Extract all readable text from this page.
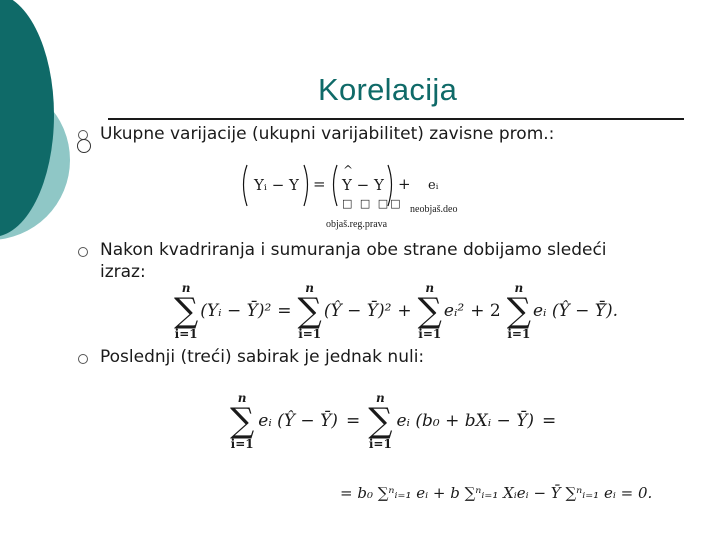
Korelacija
Ukupne varijacije (ukupni varijabilitet) zavisne prom.:
Yᵢ − Y =
^
Y − Y + eᵢ
□ □ □□
objaš.reg.prava
neobjaš.deo
Nakon kvadriranja i sumuranja obe strane dobijamo sledeći
izraz:
n
∑
i=1
(Yᵢ − Ȳ)² =
n
∑
i=1
(Ŷ − Ȳ)² +
n
∑
i=1
eᵢ² + 2
n
∑
i=1
eᵢ (Ŷ − Ȳ̄).
Poslednji (treći) sabirak je jednak nuli:
n
∑
i=1
eᵢ (Ŷ − Ȳ) =
n
∑
i=1
eᵢ (b₀ + bXᵢ − Ȳ) =
= b₀ ∑ⁿᵢ₌₁ eᵢ + b ∑ⁿᵢ₌₁ Xᵢeᵢ − Ȳ ∑ⁿᵢ₌₁ eᵢ = 0.
